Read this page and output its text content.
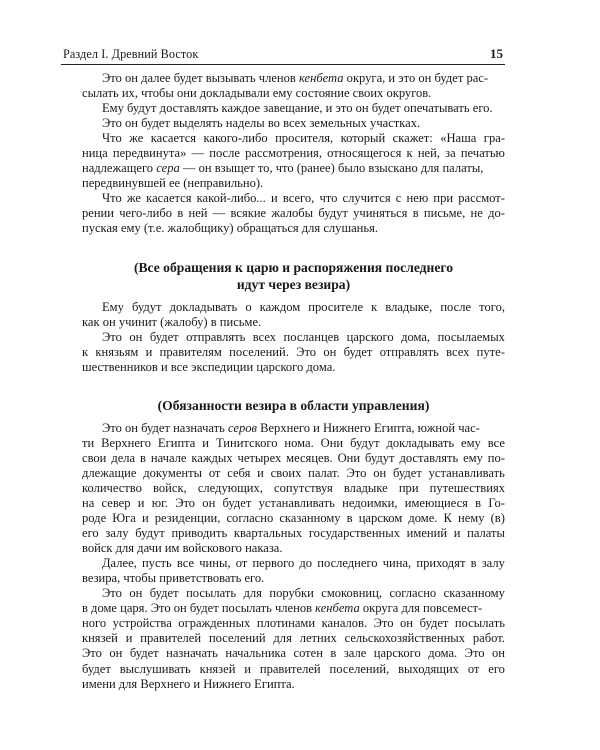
Раздел I. Древний Восток	15
Это он далее будет вызывать членов кенбета округа, и это он будет рас-
сылать их, чтобы они докладывали ему состояние своих округов.
Ему будут доставлять каждое завещание, и это он будет опечатывать его.
Это он будет выделять наделы во всех земельных участках.
Что же касается какого-либо просителя, который скажет: «Наша гра-
ница передвинута» — после рассмотрения, относящегося к ней, за печатью
надлежащего сера — он взыщет то, что (ранее) было взыскано для палаты,
передвинувшей ее (неправильно).
Что же касается какой-либо... и всего, что случится с нею при рассмот-
рении чего-либо в ней — всякие жалобы будут учиняться в письме, не до-
пуская ему (т.е. жалобщику) обращаться для слушанья.
(Все обращения к царю и распоряжения последнего
идут через везира)
Ему будут докладывать о каждом просителе к владыке, после того,
как он учинит (жалобу) в письме.
Это он будет отправлять всех посланцев царского дома, посылаемых
к князьям и правителям поселений. Это он будет отправлять всех путе-
шественников и все экспедиции царского дома.
(Обязанности везира в области управления)
Это он будет назначать серов Верхнего и Нижнего Египта, южной час-
ти Верхнего Египта и Тинитского нома. Они будут докладывать ему все
свои дела в начале каждых четырех месяцев. Они будут доставлять ему по-
длежащие документы от себя и своих палат. Это он будет устанавливать
количество войск, следующих, сопутствуя владыке при путешествиях
на север и юг. Это он будет устанавливать недоимки, имеющиеся в Го-
роде Юга и резиденции, согласно сказанному в царском доме. К нему (в)
его залу будут приводить квартальных государственных имений и палаты
войск для дачи им войскового наказа.
Далее, пусть все чины, от первого до последнего чина, приходят в залу
везира, чтобы приветствовать его.
Это он будет посылать для порубки смоковниц, согласно сказанному
в доме царя. Это он будет посылать членов кенбета округа для повсемест-
ного устройства огражденных плотинами каналов. Это он будет посылать
князей и правителей поселений для летних сельскохозяйственных работ.
Это он будет назначать начальника сотен в зале царского дома. Это он
будет выслушивать князей и правителей поселений, выходящих от его
имени для Верхнего и Нижнего Египта.
